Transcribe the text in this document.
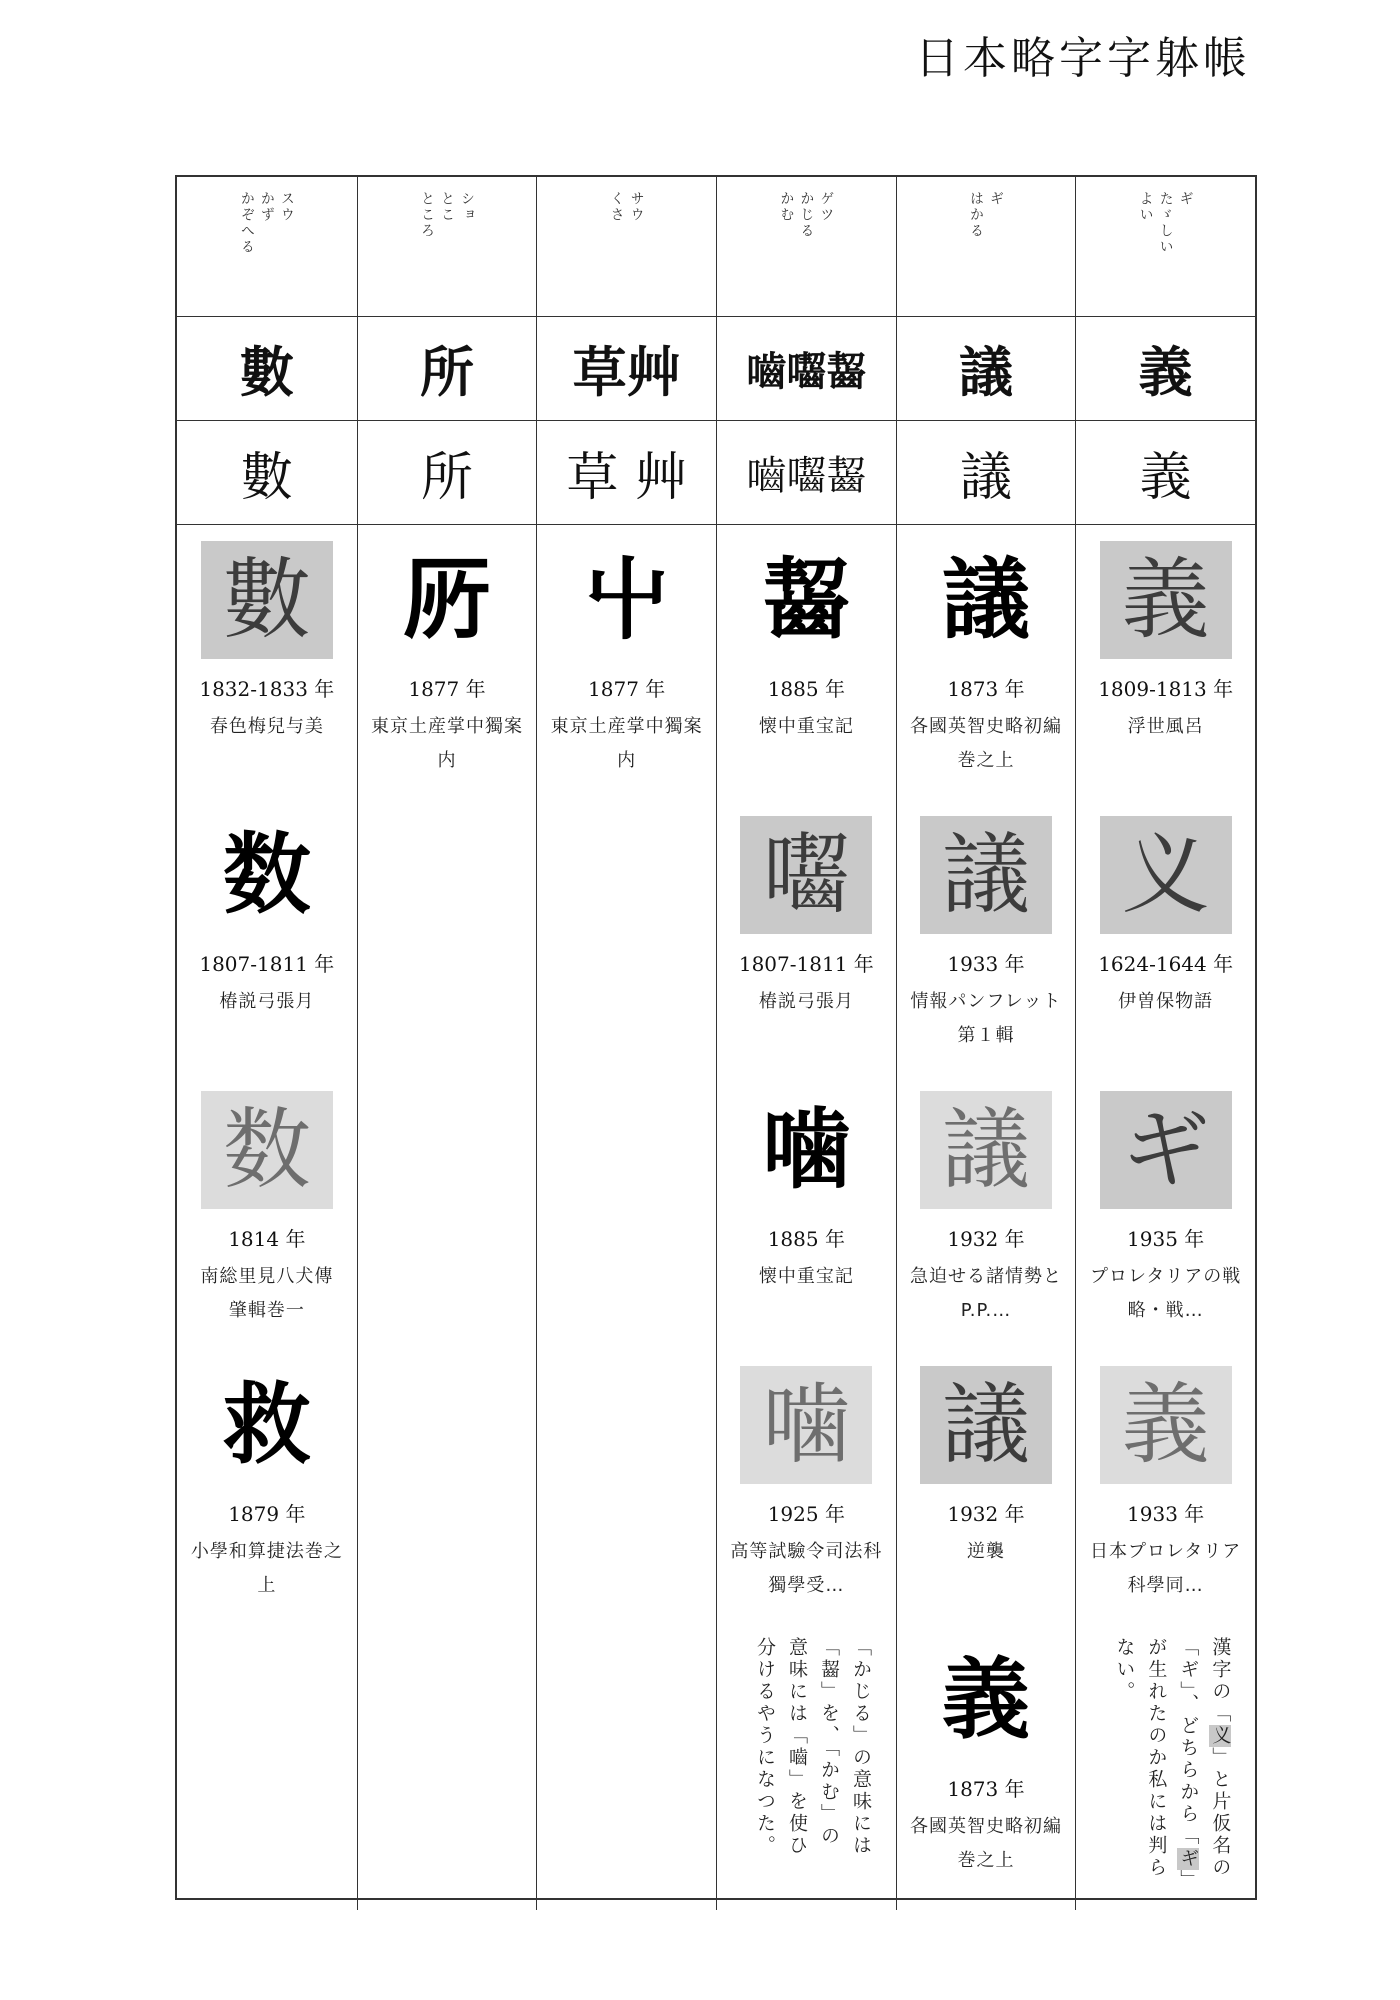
日本略字字躰帳
スウ
かず
かぞへる
數
數
數
1832-1833 年
春色梅兒与美
数
1807-1811 年
椿説弓張月
数
1814 年
南総里見八犬傳　肇輯巻一
救
1879 年
小學和算捷法巻之上
ショ
とこ
ところ
所
所
𠩄
1877 年
東京土産掌中獨案内
サウ
くさ
草艸
草 艸
屮
1877 年
東京土産掌中獨案内
ゲツ
かじる
かむ
嚙囓齧
嚙囓齧
齧
1885 年
懐中重宝記
囓
1807-1811 年
椿説弓張月
噛
1885 年
懐中重宝記
噛
1925 年
高等試驗令司法科獨學受…
「かじる」の意味には「齧」を、「かむ」の意味には「嚙」を使ひ分けるやうになつた。
ギ
はかる
議
議
議
1873 年
各國英智史略初編巻之上
議
1933 年
情報パンフレット　第１輯
議
1932 年
急迫せる諸情勢と P.P.…
議
1932 年
逆襲
義
1873 年
各國英智史略初編巻之上
ギ
たゞしい
よい
義
義
義
1809-1813 年
浮世風呂
义
1624-1644 年
伊曽保物語
ギ
1935 年
プロレタリアの戦略・戦…
義
1933 年
日本プロレタリア科學同…
漢字の「义」と片仮名の「ギ」、どちらから「ギ」が生れたのか私には判らない。
